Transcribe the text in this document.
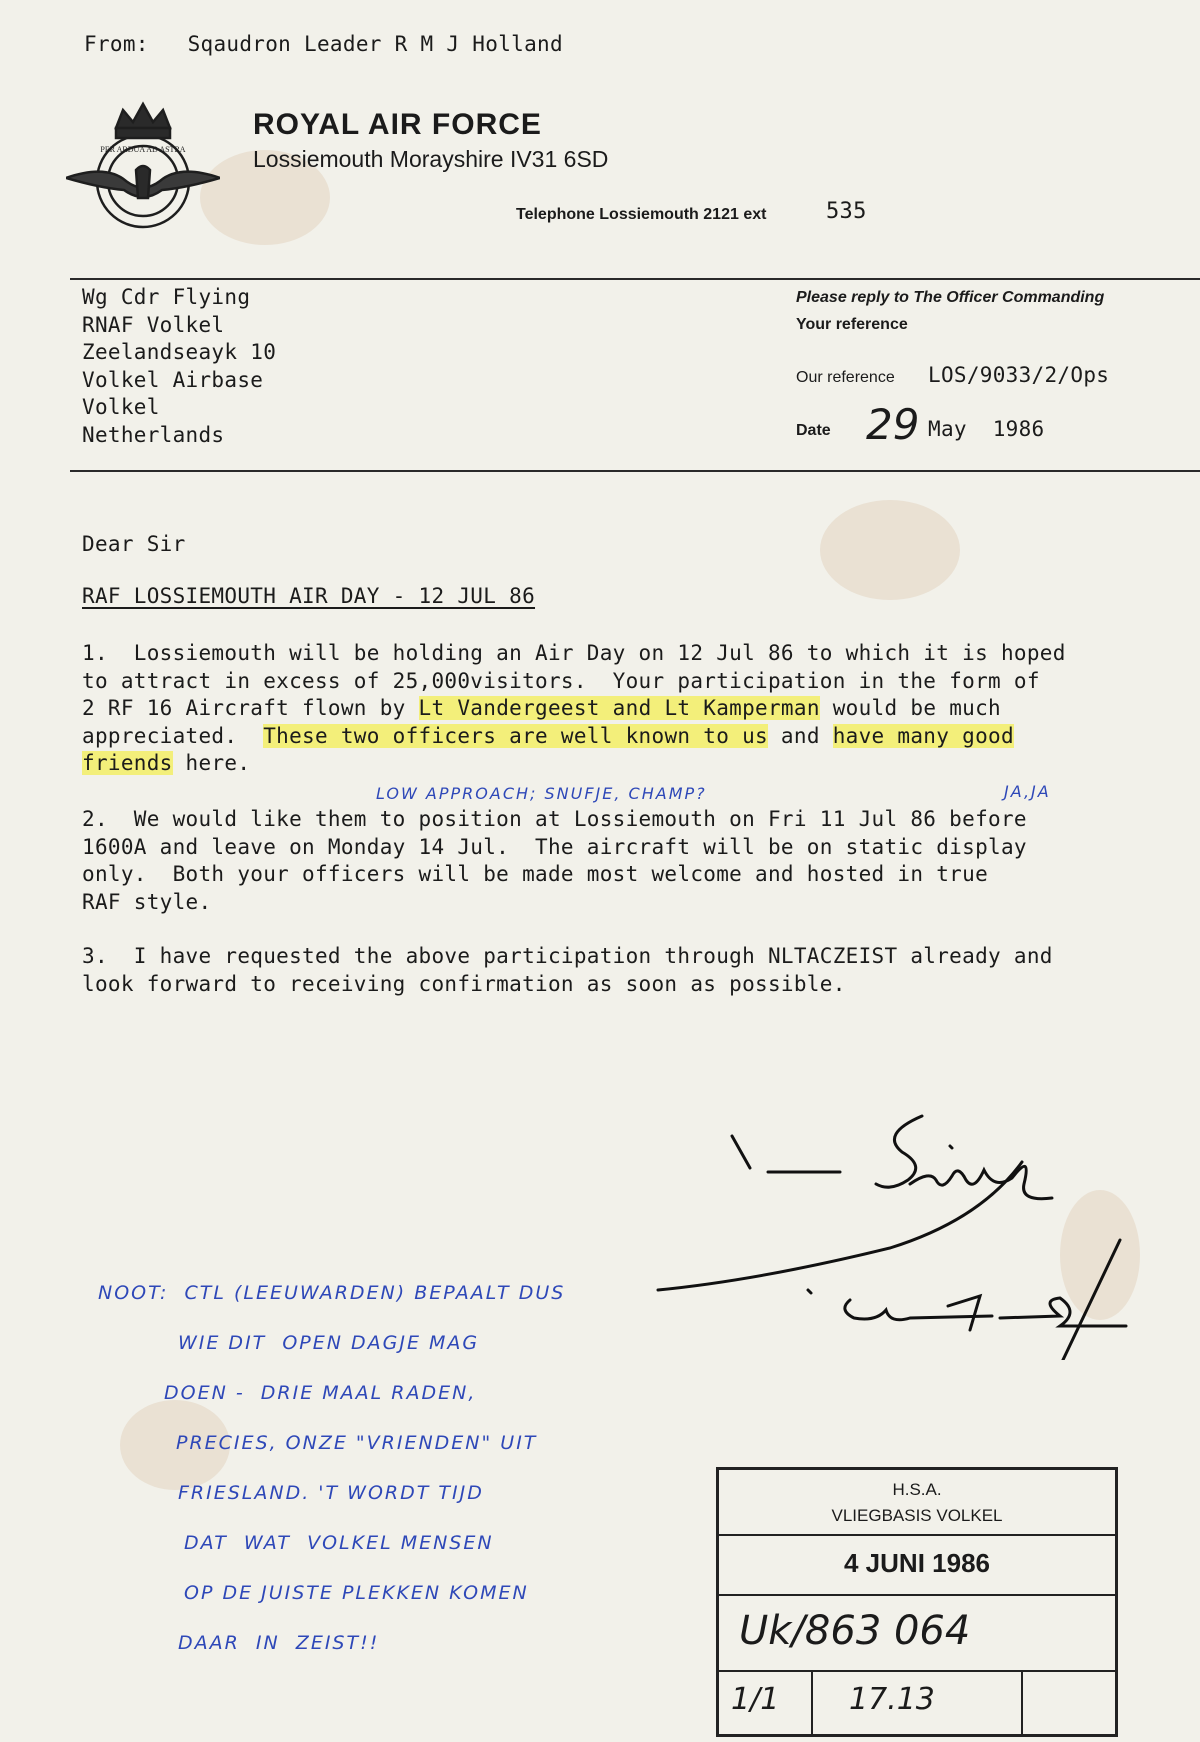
From: Sqaudron Leader R M J Holland
PER ARDUA AD ASTRA
ROYAL AIR FORCE
Lossiemouth Morayshire IV31 6SD
Telephone Lossiemouth 2121 ext	535
Wg Cdr Flying
RNAF Volkel
Zeelandseayk 10
Volkel Airbase
Volkel
Netherlands
Please reply to The Officer Commanding
Your reference
Our reference LOS/9033/2/Ops
Date 29 May  1986
Dear Sir
RAF LOSSIEMOUTH AIR DAY - 12 JUL 86
1.  Lossiemouth will be holding an Air Day on 12 Jul 86 to which it is hoped
to attract in excess of 25,000visitors.  Your participation in the form of
2 RF 16 Aircraft flown by Lt Vandergeest and Lt Kamperman would be much
appreciated.  These two officers are well known to us and have many good
friends here.
LOW APPROACH; SNUFJE, CHAMP?	JA,JA
2.  We would like them to position at Lossiemouth on Fri 11 Jul 86 before
1600A and leave on Monday 14 Jul.  The aircraft will be on static display
only.  Both your officers will be made most welcome and hosted in true
RAF style.
3.  I have requested the above participation through NLTACZEIST already and
look forward to receiving confirmation as soon as possible.
NOOT:  CTL (LEEUWARDEN) BEPAALT DUS
WIE DIT  OPEN DAGJE MAG
DOEN -  DRIE MAAL RADEN,
PRECIES, ONZE "VRIENDEN" UIT
FRIESLAND. 'T WORDT TIJD
DAT  WAT  VOLKEL MENSEN
OP DE JUISTE PLEKKEN KOMEN
DAAR  IN  ZEIST!!
H.S.A.
VLIEGBASIS VOLKEL
4 JUNI 1986
Uk/863 064
1/1 17.13
